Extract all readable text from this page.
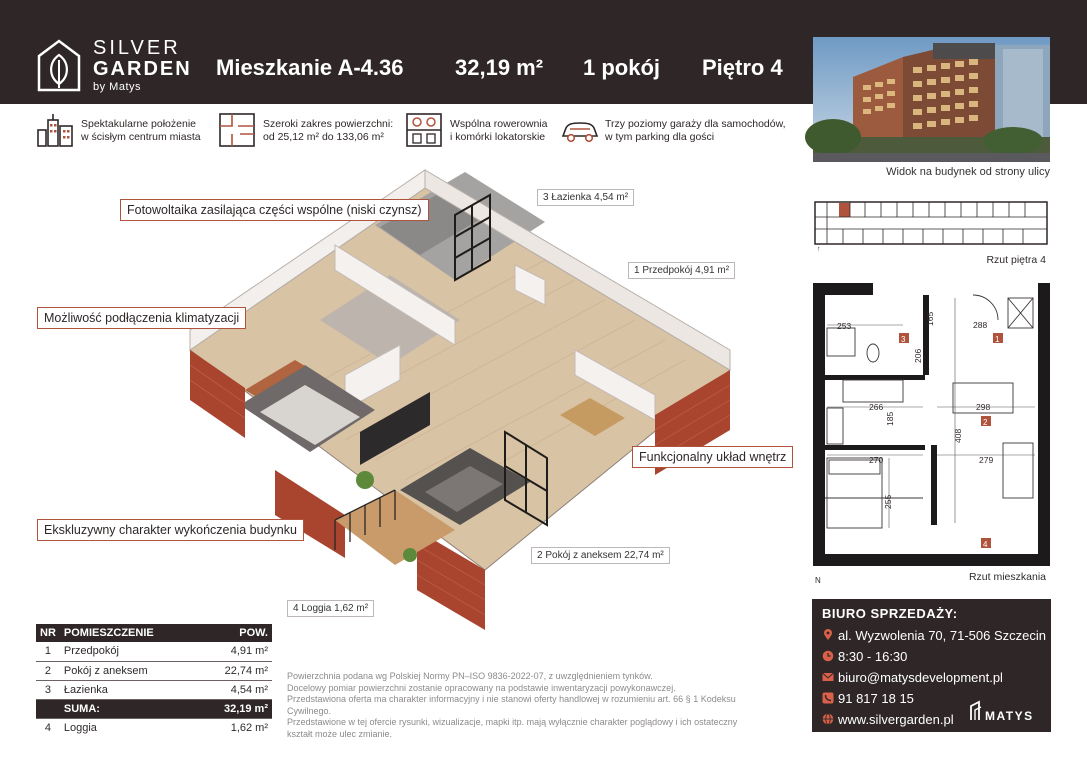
SILVER
GARDEN
by Matys
Mieszkanie A-4.36 32,19 m² 1 pokój Piętro 4
Widok na budynek od strony ulicy
Spektakularne położenie
w ścisłym centrum miasta
Szeroki zakres powierzchni:
od 25,12 m² do 133,06 m²
Wspólna rowerownia
i komórki lokatorskie
Trzy poziomy garaży dla samochodów,
w tym parking dla gości
Fotowoltaika zasilająca części wspólne (niski czynsz)
Możliwość podłączenia klimatyzacji
Funkcjonalny układ wnętrz
Ekskluzywny charakter wykończenia budynku
3 Łazienka 4,54 m²
1 Przedpokój 4,91 m²
2 Pokój z aneksem 22,74 m²
4 Loggia 1,62 m²
↑
Rzut piętra 4
1
2
3
4
253	165	288
206
266	298
185
408
270	279
255
N	Rzut mieszkania
NR	POMIESZCZENIE	POW.
1	Przedpokój	4,91 m²
2	Pokój z aneksem	22,74 m²
3	Łazienka	4,54 m²
	SUMA:	32,19 m²
4	Loggia	1,62 m²
Powierzchnia podana wg Polskiej Normy PN–ISO 9836-2022-07, z uwzględnieniem tynków.
Docelowy pomiar powierzchni zostanie opracowany na podstawie inwentaryzacji powykonawczej.
Przedstawiona oferta ma charakter informacyjny i nie stanowi oferty handlowej w rozumieniu art. 66 § 1 Kodeksu Cywilnego.
Przedstawione w tej ofercie rysunki, wizualizacje, mapki itp. mają wyłącznie charakter poglądowy i ich ostateczny
kształt może ulec zmianie.
BIURO SPRZEDAŻY:
al. Wyzwolenia 70, 71-506 Szczecin
8:30 - 16:30
biuro@matysdevelopment.pl
91 817 18 15
www.silvergarden.pl	MATYS
